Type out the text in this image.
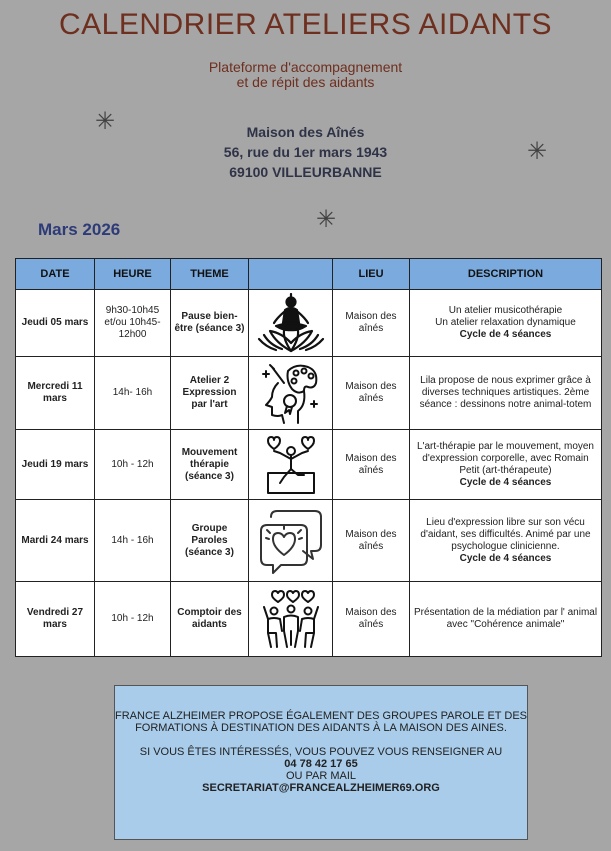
CALENDRIER ATELIERS AIDANTS
Plateforme d'accompagnement
et de répit des aidants
✳
✳
✳
Maison des Aînés
56, rue du 1er mars 1943
69100 VILLEURBANNE
Mars 2026
DATE	HEURE	THEME		LIEU	DESCRIPTION
Jeudi 05 mars	9h30-10h45 et/ou 10h45-12h00	Pause bien- être (séance 3)		Maison des aînés	Un atelier musicothérapie
Un atelier relaxation dynamique
Cycle de 4 séances

Mercredi 11 mars	14h- 16h	Atelier 2 Expression par l'art		Maison des aînés	Lila propose de nous exprimer grâce à diverses techniques artistiques. 2ème séance : dessinons notre animal-totem

Jeudi 19 mars	10h - 12h	Mouvement thérapie (séance 3)		Maison des aînés	L'art-thérapie par le mouvement, moyen d'expression corporelle, avec Romain Petit (art-thérapeute)
Cycle de 4 séances

Mardi 24 mars	14h - 16h	Groupe Paroles (séance 3)		Maison des aînés	Lieu d'expression libre sur son vécu d'aidant, ses difficultés. Animé par une psychologue clinicienne.
Cycle de 4 séances

Vendredi 27 mars	10h - 12h	Comptoir des aidants		Maison des aînés	Présentation de la médiation par l' animal avec "Cohérence animale"
FRANCE ALZHEIMER PROPOSE ÉGALEMENT DES GROUPES PAROLE ET DES FORMATIONS À DESTINATION DES AIDANTS À LA MAISON DES AINES.
SI VOUS ÊTES INTÉRESSÉS, VOUS POUVEZ VOUS RENSEIGNER AU
04 78 42 17 65
OU PAR MAIL
SECRETARIAT@FRANCEALZHEIMER69.ORG
